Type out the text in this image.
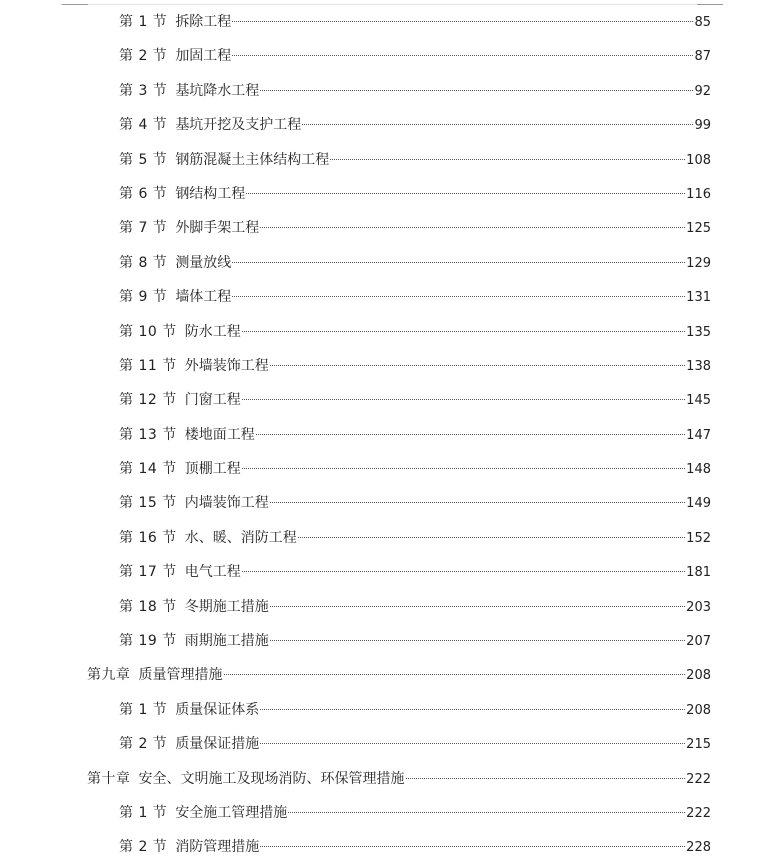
第 1 节 拆除工程	85
第 2 节 加固工程	87
第 3 节 基坑降水工程	92
第 4 节 基坑开挖及支护工程	99
第 5 节 钢筋混凝土主体结构工程	108
第 6 节 钢结构工程	116
第 7 节 外脚手架工程	125
第 8 节 测量放线	129
第 9 节 墙体工程	131
第 10 节 防水工程	135
第 11 节 外墙装饰工程	138
第 12 节 门窗工程	145
第 13 节 楼地面工程	147
第 14 节 顶棚工程	148
第 15 节 内墙装饰工程	149
第 16 节 水、暖、消防工程	152
第 17 节 电气工程	181
第 18 节 冬期施工措施	203
第 19 节 雨期施工措施	207
第九章 质量管理措施	208
第 1 节 质量保证体系	208
第 2 节 质量保证措施	215
第十章 安全、文明施工及现场消防、环保管理措施	222
第 1 节 安全施工管理措施	222
第 2 节 消防管理措施	228
